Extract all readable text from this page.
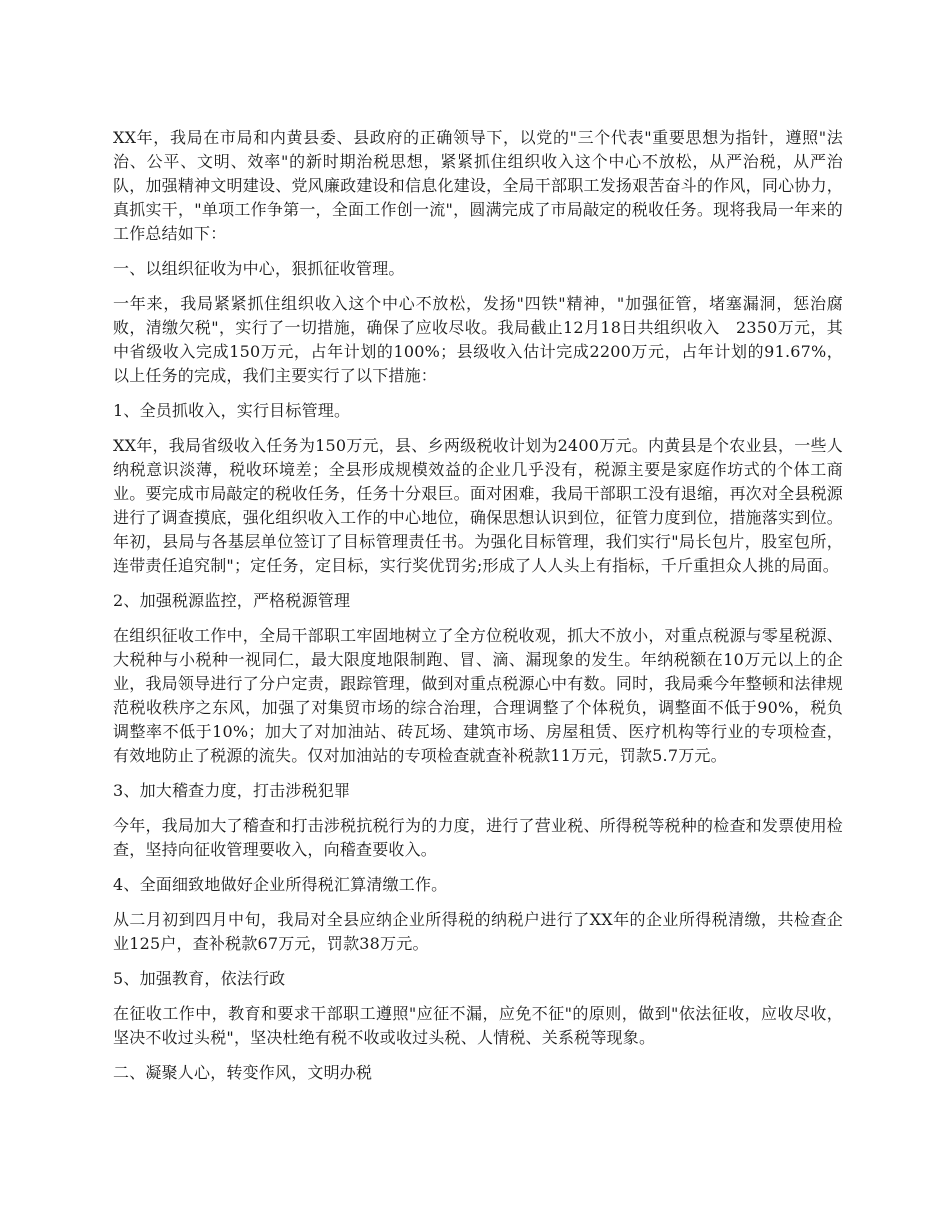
XX年，我局在市局和内黄县委、县政府的正确领导下，以党的"三个代表"重要思想为指针，遵照"法治、公平、文明、效率"的新时期治税思想，紧紧抓住组织收入这个中心不放松，从严治税，从严治队，加强精神文明建设、党风廉政建设和信息化建设，全局干部职工发扬艰苦奋斗的作风，同心协力，真抓实干，"单项工作争第一，全面工作创一流"，圆满完成了市局敲定的税收任务。现将我局一年来的工作总结如下：

一、以组织征收为中心，狠抓征收管理。

一年来，我局紧紧抓住组织收入这个中心不放松，发扬"四铁"精神，"加强征管，堵塞漏洞，惩治腐败，清缴欠税"，实行了一切措施，确保了应收尽收。我局截止12月18日共组织收入　2350万元，其中省级收入完成150万元，占年计划的100%；县级收入估计完成2200万元，占年计划的91.67%，以上任务的完成，我们主要实行了以下措施：

1、全员抓收入，实行目标管理。

XX年，我局省级收入任务为150万元，县、乡两级税收计划为2400万元。内黄县是个农业县，一些人纳税意识淡薄，税收环境差；全县形成规模效益的企业几乎没有，税源主要是家庭作坊式的个体工商业。要完成市局敲定的税收任务，任务十分艰巨。面对困难，我局干部职工没有退缩，再次对全县税源进行了调查摸底，强化组织收入工作的中心地位，确保思想认识到位，征管力度到位，措施落实到位。年初，县局与各基层单位签订了目标管理责任书。为强化目标管理，我们实行"局长包片，股室包所，连带责任追究制"；定任务，定目标，实行奖优罚劣;形成了人人头上有指标，千斤重担众人挑的局面。

2、加强税源监控，严格税源管理

在组织征收工作中，全局干部职工牢固地树立了全方位税收观，抓大不放小，对重点税源与零星税源、大税种与小税种一视同仁，最大限度地限制跑、冒、滴、漏现象的发生。年纳税额在10万元以上的企业，我局领导进行了分户定责，跟踪管理，做到对重点税源心中有数。同时，我局乘今年整顿和法律规范税收秩序之东风，加强了对集贸市场的综合治理，合理调整了个体税负，调整面不低于90%，税负调整率不低于10%；加大了对加油站、砖瓦场、建筑市场、房屋租赁、医疗机构等行业的专项检查，有效地防止了税源的流失。仅对加油站的专项检查就查补税款11万元，罚款5.7万元。

3、加大稽查力度，打击涉税犯罪

今年，我局加大了稽查和打击涉税抗税行为的力度，进行了营业税、所得税等税种的检查和发票使用检查，坚持向征收管理要收入，向稽查要收入。

4、全面细致地做好企业所得税汇算清缴工作。

从二月初到四月中旬，我局对全县应纳企业所得税的纳税户进行了XX年的企业所得税清缴，共检查企业125户，查补税款67万元，罚款38万元。

5、加强教育，依法行政

在征收工作中，教育和要求干部职工遵照"应征不漏，应免不征"的原则，做到"依法征收，应收尽收，坚决不收过头税"，坚决杜绝有税不收或收过头税、人情税、关系税等现象。

二、凝聚人心，转变作风，文明办税
